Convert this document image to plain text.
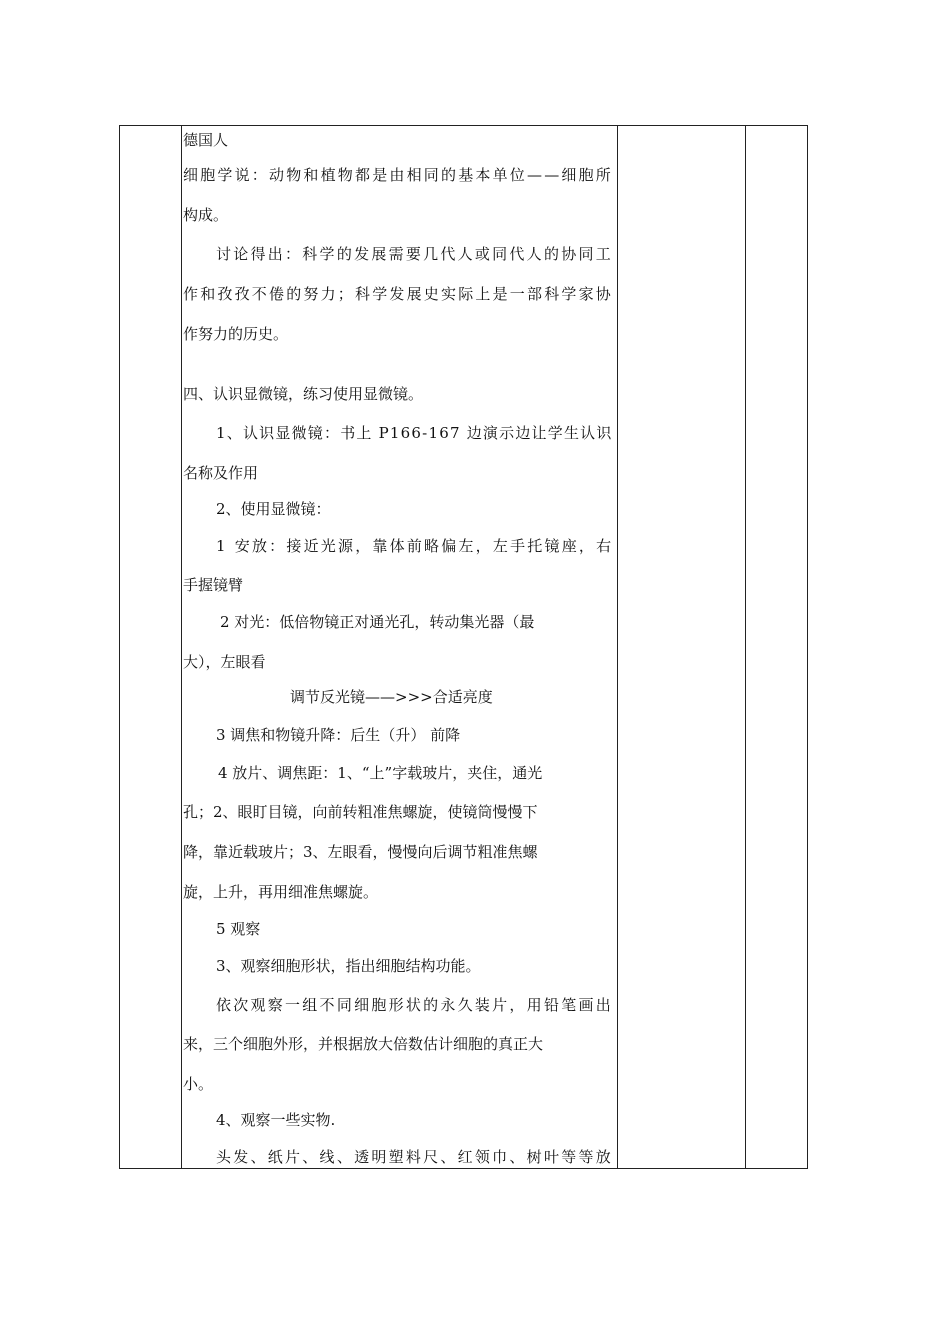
德国人
细胞学说：动物和植物都是由相同的基本单位——细胞所
构成。
讨论得出：科学的发展需要几代人或同代人的协同工
作和孜孜不倦的努力；科学发展史实际上是一部科学家协
作努力的历史。
四、认识显微镜，练习使用显微镜。
1、认识显微镜：书上 P166-167 边演示边让学生认识
名称及作用
2、使用显微镜：
1 安放：接近光源，靠体前略偏左，左手托镜座，右
手握镜臂
2 对光：低倍物镜正对通光孔，转动集光器（最
大），左眼看
调节反光镜——>>>合适亮度
3 调焦和物镜升降：后生（升） 前降
4 放片、调焦距：1、“上”字载玻片，夹住，通光
孔；2、眼盯目镜，向前转粗准焦螺旋，使镜筒慢慢下
降，靠近载玻片；3、左眼看，慢慢向后调节粗准焦螺
旋，上升，再用细准焦螺旋。
5 观察
3、观察细胞形状，指出细胞结构功能。
依次观察一组不同细胞形状的永久装片，用铅笔画出
来，三个细胞外形，并根据放大倍数估计细胞的真正大
小。
4、观察一些实物.
头发、纸片、线、透明塑料尺、红领巾、树叶等等放
